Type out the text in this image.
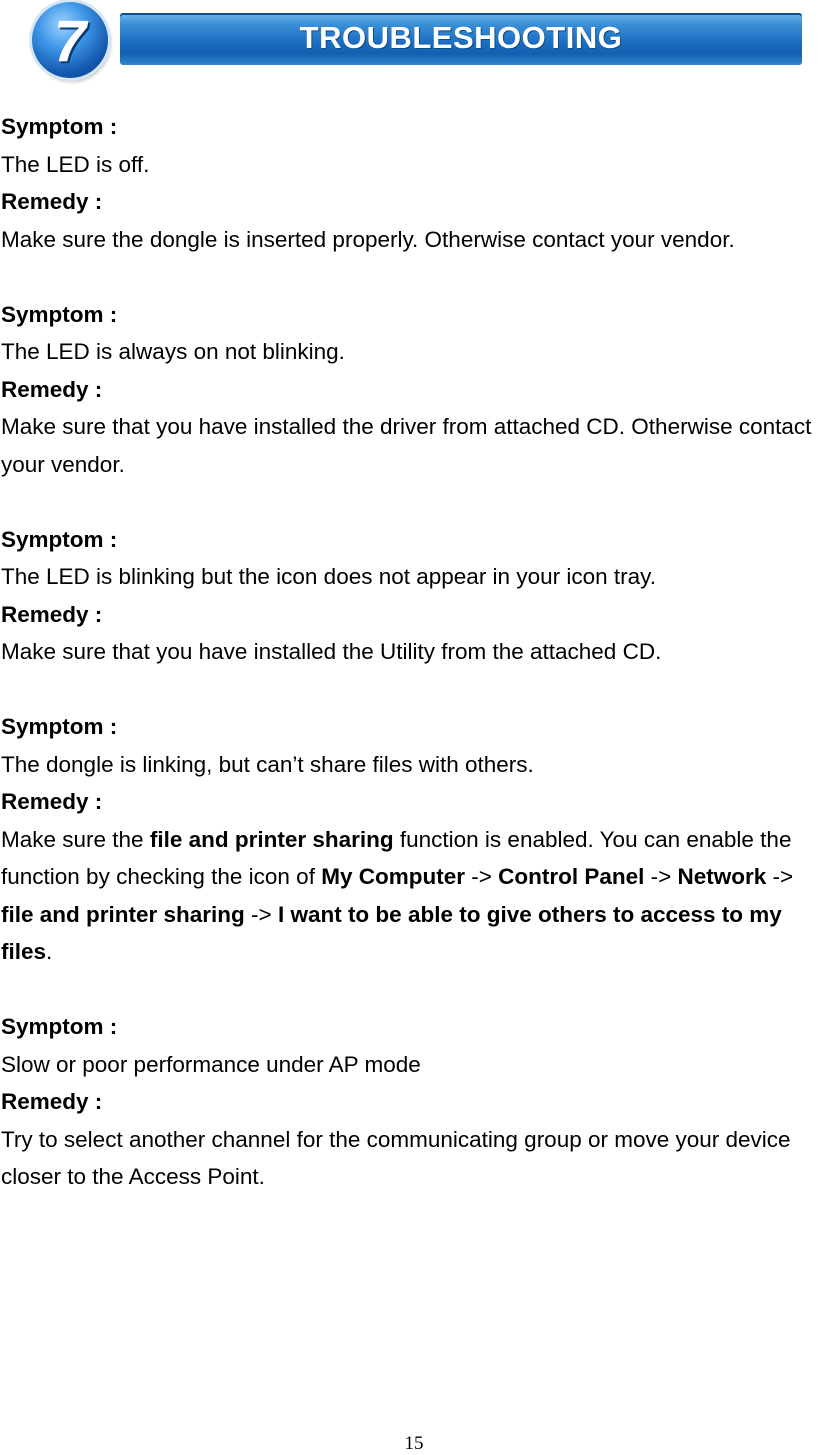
TROUBLESHOOTING
7
Symptom :
The LED is off.
Remedy :
Make sure the dongle is inserted properly. Otherwise contact your vendor.
Symptom :
The LED is always on not blinking.
Remedy :
Make sure that you have installed the driver from attached CD. Otherwise contact your vendor.
Symptom :
The LED is blinking but the icon does not appear in your icon tray.
Remedy :
Make sure that you have installed the Utility from the attached CD.
Symptom :
The dongle is linking, but can’t share files with others.
Remedy :
Make sure the file and printer sharing function is enabled. You can enable the function by checking the icon of My Computer -> Control Panel -> Network -> file and printer sharing -> I want to be able to give others to access to my files.
Symptom :
Slow or poor performance under AP mode
Remedy :
Try to select another channel for the communicating group or move your device closer to the Access Point.
15
